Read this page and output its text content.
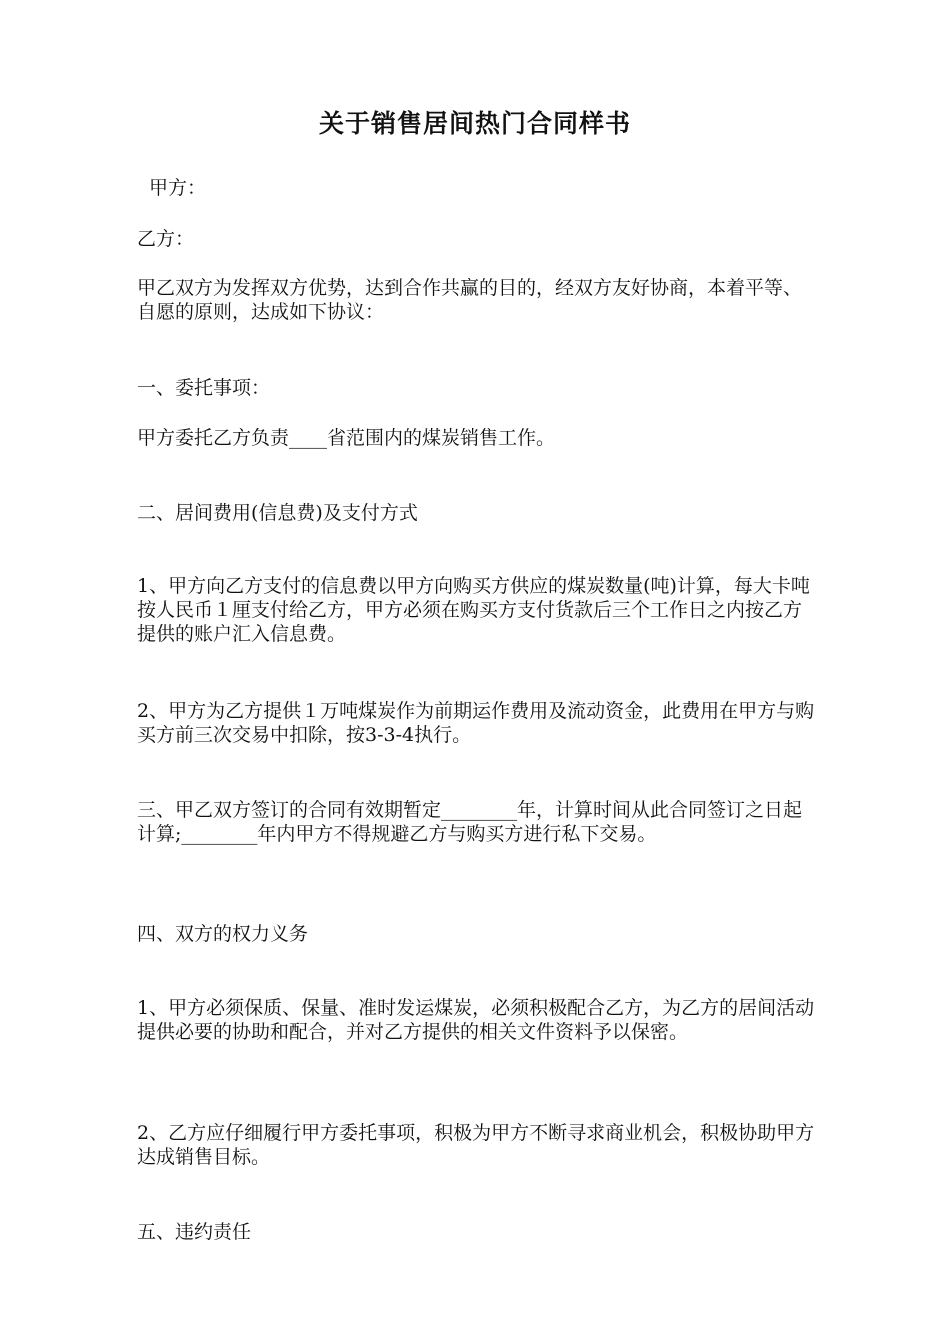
关于销售居间热门合同样书

甲方：

乙方：

甲乙双方为发挥双方优势，达到合作共赢的目的，经双方友好协商，本着平等、自愿的原则，达成如下协议：

一、委托事项：

甲方委托乙方负责____省范围内的煤炭销售工作。

二、居间费用(信息费)及支付方式

1、甲方向乙方支付的信息费以甲方向购买方供应的煤炭数量(吨)计算，每大卡吨按人民币１厘支付给乙方，甲方必须在购买方支付货款后三个工作日之内按乙方提供的账户汇入信息费。

2、甲方为乙方提供１万吨煤炭作为前期运作费用及流动资金，此费用在甲方与购买方前三次交易中扣除，按3-3-4执行。

三、甲乙双方签订的合同有效期暂定________年，计算时间从此合同签订之日起计算;________年内甲方不得规避乙方与购买方进行私下交易。

四、双方的权力义务

1、甲方必须保质、保量、准时发运煤炭，必须积极配合乙方，为乙方的居间活动提供必要的协助和配合，并对乙方提供的相关文件资料予以保密。

2、乙方应仔细履行甲方委托事项，积极为甲方不断寻求商业机会，积极协助甲方达成销售目标。

五、违约责任
